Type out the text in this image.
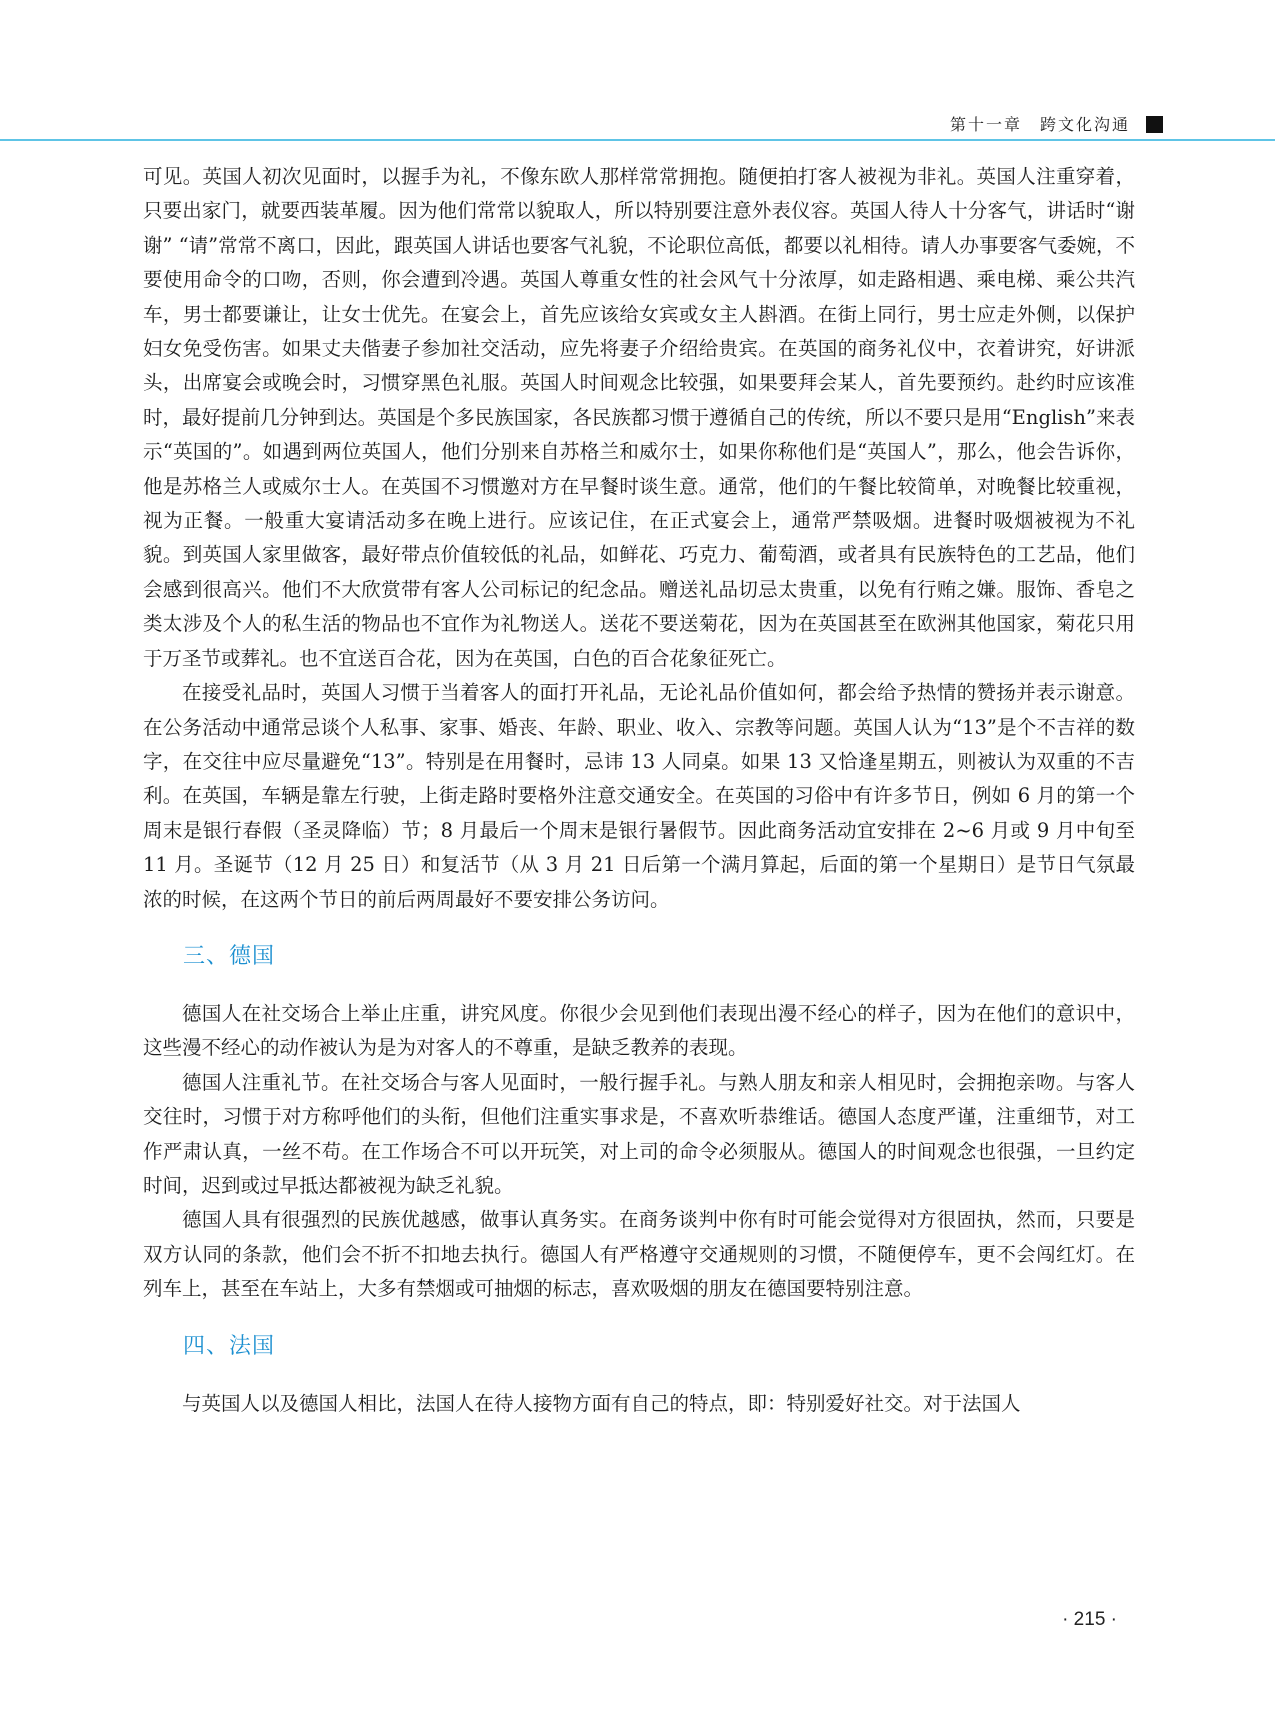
第十一章　跨文化沟通

可见。英国人初次见面时，以握手为礼，不像东欧人那样常常拥抱。随便拍打客人被视为非礼。英国人注重穿着，只要出家门，就要西装革履。因为他们常常以貌取人，所以特别要注意外表仪容。英国人待人十分客气，讲话时“谢谢” “请”常常不离口，因此，跟英国人讲话也要客气礼貌，不论职位高低，都要以礼相待。请人办事要客气委婉，不要使用命令的口吻，否则，你会遭到冷遇。英国人尊重女性的社会风气十分浓厚，如走路相遇、乘电梯、乘公共汽车，男士都要谦让，让女士优先。在宴会上，首先应该给女宾或女主人斟酒。在街上同行，男士应走外侧，以保护妇女免受伤害。如果丈夫偕妻子参加社交活动，应先将妻子介绍给贵宾。在英国的商务礼仪中，衣着讲究，好讲派头，出席宴会或晚会时，习惯穿黑色礼服。英国人时间观念比较强，如果要拜会某人，首先要预约。赴约时应该准时，最好提前几分钟到达。英国是个多民族国家，各民族都习惯于遵循自己的传统，所以不要只是用“English”来表示“英国的”。如遇到两位英国人，他们分别来自苏格兰和威尔士，如果你称他们是“英国人”，那么，他会告诉你，他是苏格兰人或威尔士人。在英国不习惯邀对方在早餐时谈生意。通常，他们的午餐比较简单，对晚餐比较重视，视为正餐。一般重大宴请活动多在晚上进行。应该记住，在正式宴会上，通常严禁吸烟。进餐时吸烟被视为不礼貌。到英国人家里做客，最好带点价值较低的礼品，如鲜花、巧克力、葡萄酒，或者具有民族特色的工艺品，他们会感到很高兴。他们不大欣赏带有客人公司标记的纪念品。赠送礼品切忌太贵重，以免有行贿之嫌。服饰、香皂之类太涉及个人的私生活的物品也不宜作为礼物送人。送花不要送菊花，因为在英国甚至在欧洲其他国家，菊花只用于万圣节或葬礼。也不宜送百合花，因为在英国，白色的百合花象征死亡。

在接受礼品时，英国人习惯于当着客人的面打开礼品，无论礼品价值如何，都会给予热情的赞扬并表示谢意。在公务活动中通常忌谈个人私事、家事、婚丧、年龄、职业、收入、宗教等问题。英国人认为“13”是个不吉祥的数字，在交往中应尽量避免“13”。特别是在用餐时，忌讳 13 人同桌。如果 13 又恰逢星期五，则被认为双重的不吉利。在英国，车辆是靠左行驶，上街走路时要格外注意交通安全。在英国的习俗中有许多节日，例如 6 月的第一个周末是银行春假（圣灵降临）节；8 月最后一个周末是银行暑假节。因此商务活动宜安排在 2~6 月或 9 月中旬至 11 月。圣诞节（12 月 25 日）和复活节（从 3 月 21 日后第一个满月算起，后面的第一个星期日）是节日气氛最浓的时候，在这两个节日的前后两周最好不要安排公务访问。

三、德国

德国人在社交场合上举止庄重，讲究风度。你很少会见到他们表现出漫不经心的样子，因为在他们的意识中，这些漫不经心的动作被认为是为对客人的不尊重，是缺乏教养的表现。

德国人注重礼节。在社交场合与客人见面时，一般行握手礼。与熟人朋友和亲人相见时，会拥抱亲吻。与客人交往时，习惯于对方称呼他们的头衔，但他们注重实事求是，不喜欢听恭维话。德国人态度严谨，注重细节，对工作严肃认真，一丝不苟。在工作场合不可以开玩笑，对上司的命令必须服从。德国人的时间观念也很强，一旦约定时间，迟到或过早抵达都被视为缺乏礼貌。

德国人具有很强烈的民族优越感，做事认真务实。在商务谈判中你有时可能会觉得对方很固执，然而，只要是双方认同的条款，他们会不折不扣地去执行。德国人有严格遵守交通规则的习惯，不随便停车，更不会闯红灯。在列车上，甚至在车站上，大多有禁烟或可抽烟的标志，喜欢吸烟的朋友在德国要特别注意。

四、法国

与英国人以及德国人相比，法国人在待人接物方面有自己的特点，即：特别爱好社交。对于法国人

· 215 ·
